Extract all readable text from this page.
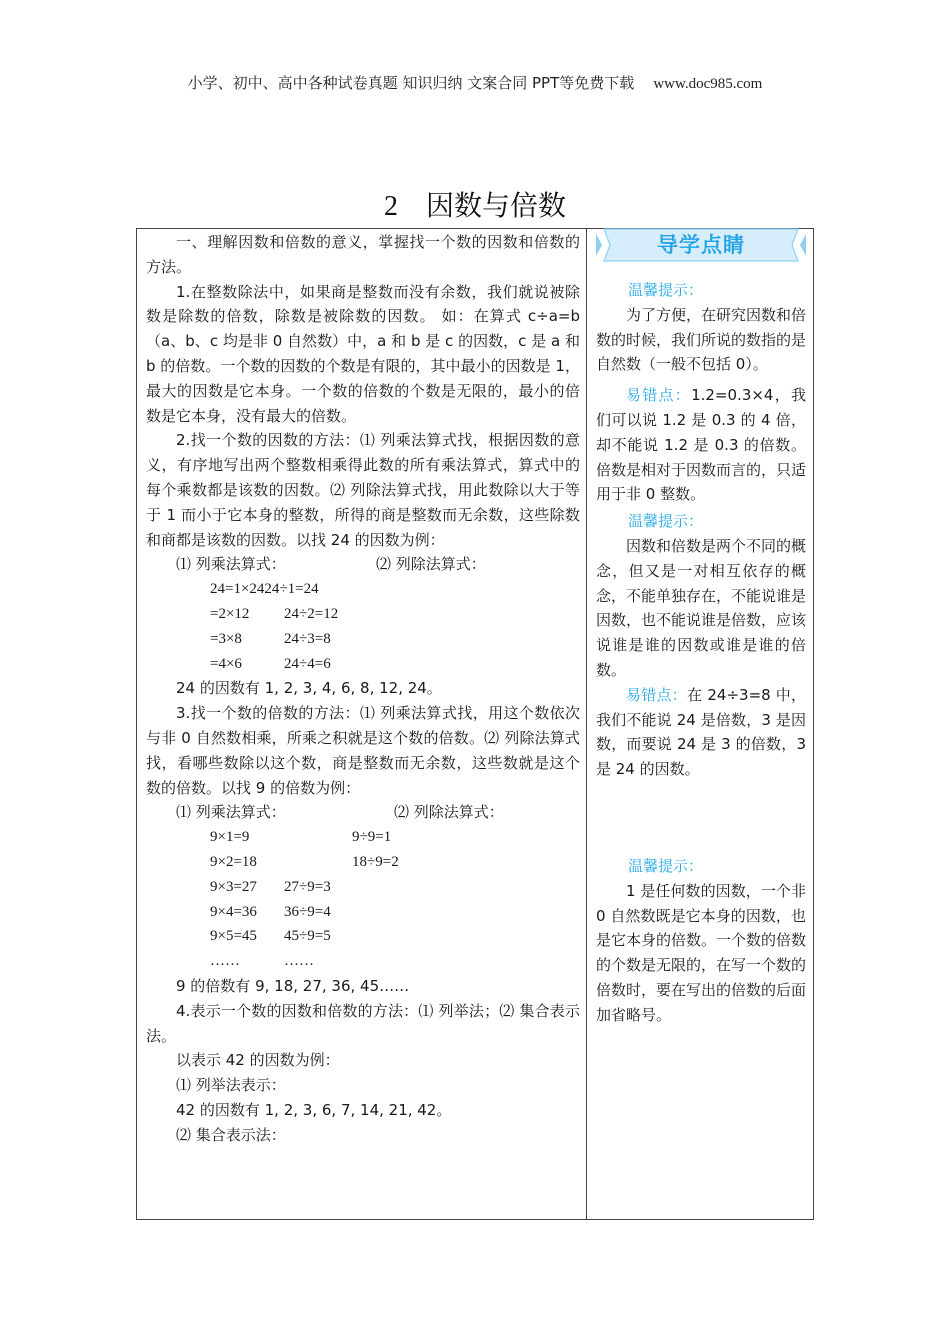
小学、初中、高中各种试卷真题 知识归纳 文案合同 PPT等免费下载 www.doc985.com
2 因数与倍数

一、理解因数和倍数的意义，掌握找一个数的因数和倍数的方法。

1.在整数除法中，如果商是整数而没有余数，我们就说被除数是除数的倍数，除数是被除数的因数。 如：在算式 c÷a=b（a、b、c 均是非 0 自然数）中，a 和 b 是 c 的因数，c 是 a 和 b 的倍数。一个数的因数的个数是有限的，其中最小的因数是 1，最大的因数是它本身。一个数的倍数的个数是无限的，最小的倍数是它本身，没有最大的倍数。

2.找一个数的因数的方法：⑴ 列乘法算式找，根据因数的意义，有序地写出两个整数相乘得此数的所有乘法算式，算式中的每个乘数都是该数的因数。⑵ 列除法算式找，用此数除以大于等于 1 而小于它本身的整数，所得的商是整数而无余数，这些除数和商都是该数的因数。以找 24 的因数为例：

⑴ 列乘法算式：	⑵ 列除法算式：
24=1×24 24÷1=24
=2×12	24÷2=12
=3×8	24÷3=8
=4×6	24÷4=6

24 的因数有 1, 2, 3, 4, 6, 8, 12, 24。

3.找一个数的倍数的方法：⑴ 列乘法算式找，用这个数依次与非 0 自然数相乘，所乘之积就是这个数的倍数。⑵ 列除法算式找，看哪些数除以这个数，商是整数而无余数，这些数就是这个数的倍数。以找 9 的倍数为例：

⑴ 列乘法算式：	⑵ 列除法算式：
9×1=9	9÷9=1
9×2=18	18÷9=2
9×3=27	27÷9=3
9×4=36	36÷9=4
9×5=45	45÷9=5
……	……

9 的倍数有 9, 18, 27, 36, 45……

4.表示一个数的因数和倍数的方法：⑴ 列举法；⑵ 集合表示法。

以表示 42 的因数为例：

⑴ 列举法表示：

42 的因数有 1, 2, 3, 6, 7, 14, 21, 42。

⑵ 集合表示法：

导学点睛

温馨提示：

为了方便，在研究因数和倍数的时候，我们所说的数指的是自然数（一般不包括 0）。

易错点：1.2=0.3×4，我们可以说 1.2 是 0.3 的 4 倍，却不能说 1.2 是 0.3 的倍数。倍数是相对于因数而言的，只适用于非 0 整数。

温馨提示：

因数和倍数是两个不同的概念，但又是一对相互依存的概念，不能单独存在，不能说谁是因数，也不能说谁是倍数，应该说谁是谁的因数或谁是谁的倍数。

易错点：在 24÷3=8 中，我们不能说 24 是倍数，3 是因数，而要说 24 是 3 的倍数，3 是 24 的因数。

温馨提示：

1 是任何数的因数，一个非 0 自然数既是它本身的因数，也是它本身的倍数。一个数的倍数的个数是无限的，在写一个数的倍数时，要在写出的倍数的后面加省略号。
